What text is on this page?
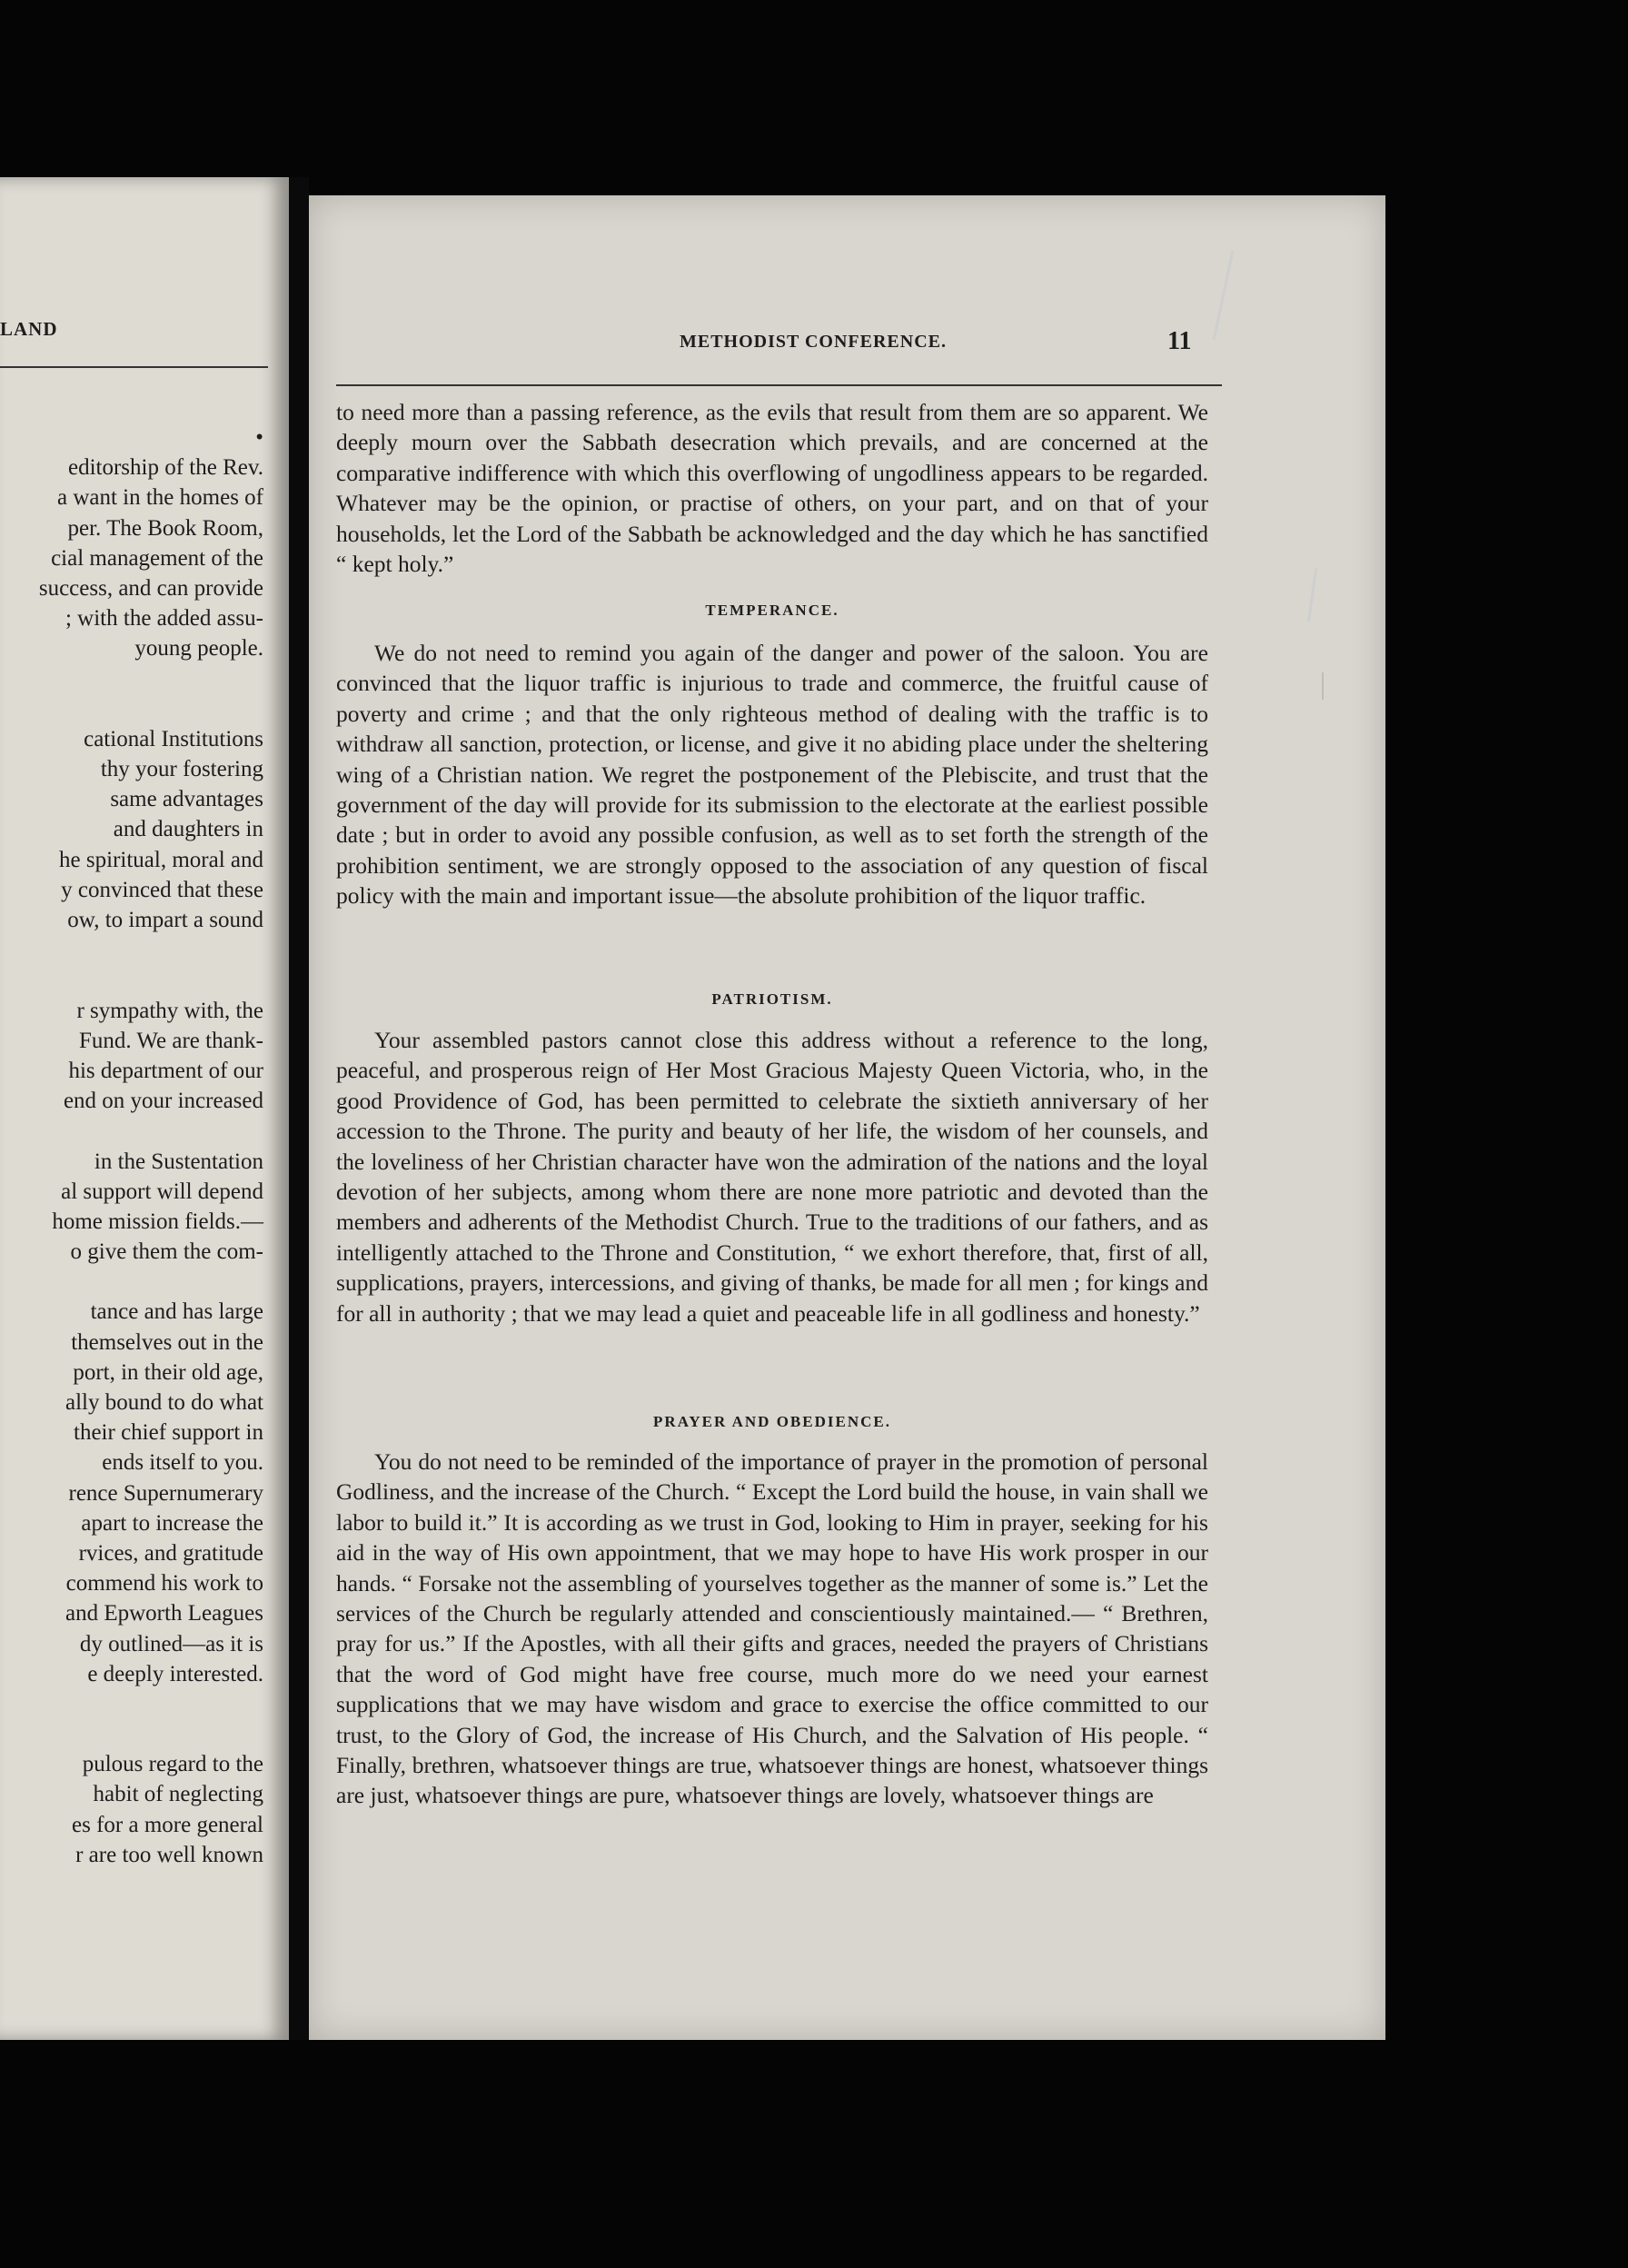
LAND
•
editorship of the Rev.
a want in the homes of
per. The Book Room,
cial management of the
success, and can provide
; with the added assu-
young people.
cational Institutions
thy your fostering
same advantages
and daughters in
he spiritual, moral and
y convinced that these
ow, to impart a sound
r sympathy with, the
Fund. We are thank-
his department of our
end on your increased
in the Sustentation
al support will depend
home mission fields.—
o give them the com-
tance and has large
themselves out in the
port, in their old age,
ally bound to do what
their chief support in
ends itself to you.
rence Supernumerary
apart to increase the
rvices, and gratitude
commend his work to
and Epworth Leagues
dy outlined—as it is
e deeply interested.
pulous regard to the
habit of neglecting
es for a more general
r are too well known
METHODIST CONFERENCE.	11

to need more than a passing reference, as the evils that result from them are so apparent. We deeply mourn over the Sabbath desecration which prevails, and are concerned at the comparative indifference with which this overflowing of ungodliness appears to be regarded. Whatever may be the opinion, or practise of others, on your part, and on that of your households, let the Lord of the Sabbath be acknowledged and the day which he has sanctified “ kept holy.”

TEMPERANCE.

We do not need to remind you again of the danger and power of the saloon. You are convinced that the liquor traffic is injurious to trade and commerce, the fruitful cause of poverty and crime ; and that the only righteous method of dealing with the traffic is to withdraw all sanction, protection, or license, and give it no abiding place under the sheltering wing of a Christian nation. We regret the postponement of the Plebiscite, and trust that the government of the day will provide for its submission to the electorate at the earliest possible date ; but in order to avoid any possible confusion, as well as to set forth the strength of the prohibition sentiment, we are strongly opposed to the association of any question of fiscal policy with the main and important issue—the absolute prohibition of the liquor traffic.

PATRIOTISM.

Your assembled pastors cannot close this address without a reference to the long, peaceful, and prosperous reign of Her Most Gracious Majesty Queen Victoria, who, in the good Providence of God, has been permitted to celebrate the sixtieth anniversary of her accession to the Throne. The purity and beauty of her life, the wisdom of her counsels, and the loveliness of her Christian character have won the admiration of the nations and the loyal devotion of her subjects, among whom there are none more patriotic and devoted than the members and adherents of the Methodist Church. True to the traditions of our fathers, and as intelligently attached to the Throne and Constitution, “ we exhort therefore, that, first of all, supplications, prayers, intercessions, and giving of thanks, be made for all men ; for kings and for all in authority ; that we may lead a quiet and peaceable life in all godliness and honesty.”

PRAYER AND OBEDIENCE.

You do not need to be reminded of the importance of prayer in the promotion of personal Godliness, and the increase of the Church. “ Except the Lord build the house, in vain shall we labor to build it.” It is according as we trust in God, looking to Him in prayer, seeking for his aid in the way of His own appointment, that we may hope to have His work prosper in our hands. “ Forsake not the assembling of yourselves together as the manner of some is.” Let the services of the Church be regularly attended and conscientiously maintained.— “ Brethren, pray for us.” If the Apostles, with all their gifts and graces, needed the prayers of Christians that the word of God might have free course, much more do we need your earnest supplications that we may have wisdom and grace to exercise the office committed to our trust, to the Glory of God, the increase of His Church, and the Salvation of His people. “ Finally, brethren, whatsoever things are true, whatsoever things are honest, whatsoever things are just, whatsoever things are pure, whatsoever things are lovely, whatsoever things are
